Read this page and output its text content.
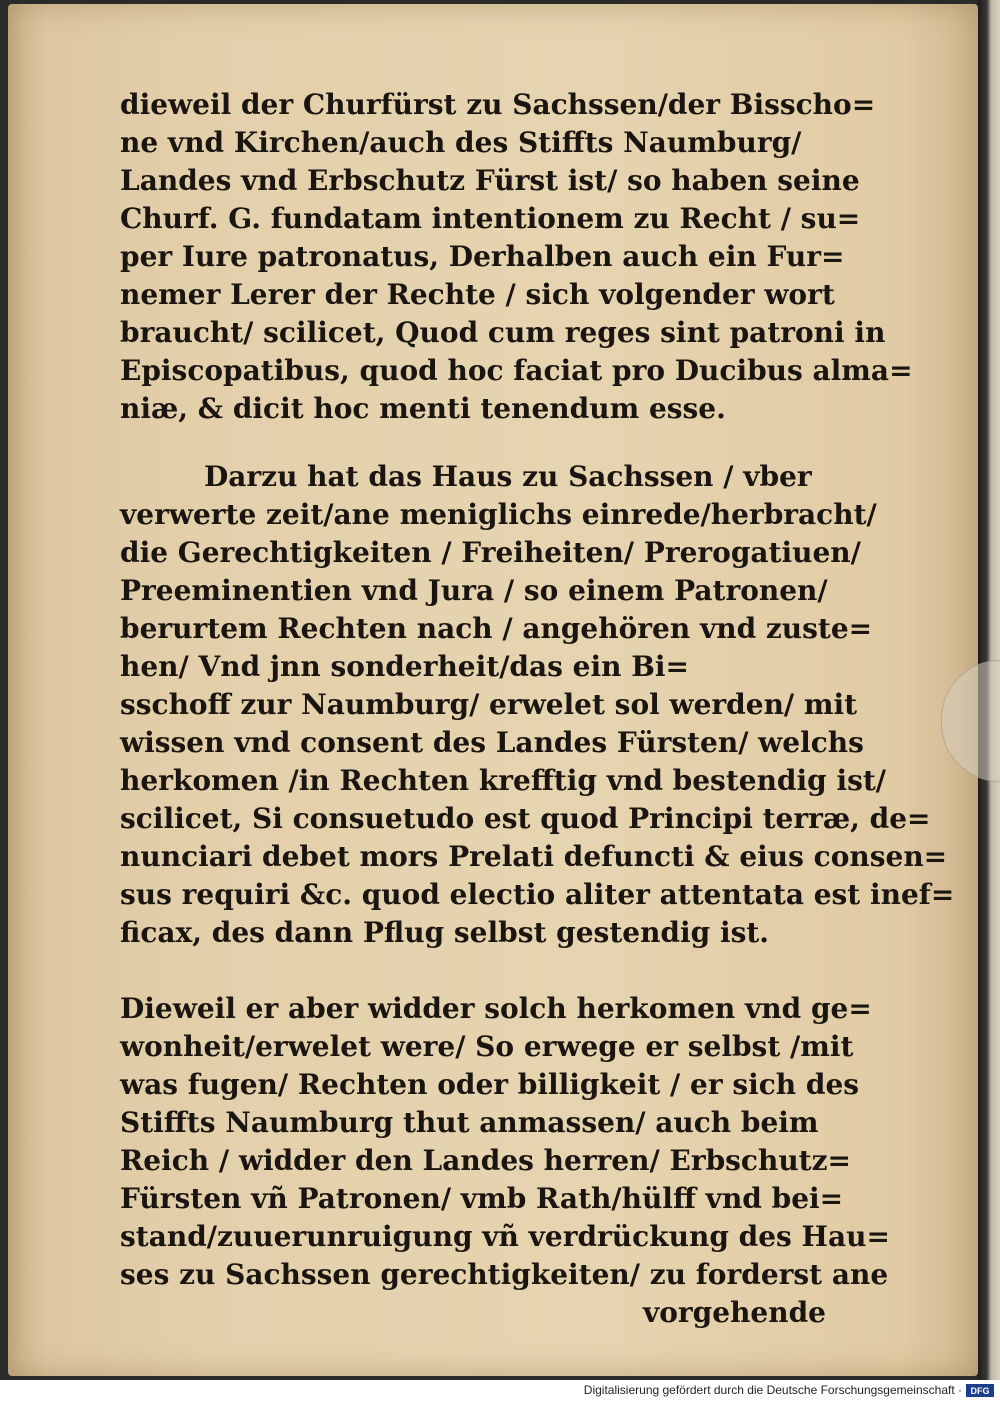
dieweil der Churfürst zu Sachssen/der Bisscho=
ne vnd Kirchen/auch des Stiffts Naumburg/
Landes vnd Erbschutz Fürst ist/ so haben seine
Churf. G. fundatam intentionem zu Recht / su=
per Iure patronatus, Derhalben auch ein Fur=
nemer Lerer der Rechte / sich volgender wort
braucht/ scilicet, Quod cum reges sint patroni in
Episcopatibus, quod hoc faciat pro Ducibus alma=
niæ, & dicit hoc menti tenendum esse.
Darzu hat das Haus zu Sachssen / vber
verwerte zeit/ane meniglichs einrede/herbracht/
die Gerechtigkeiten / Freiheiten/ Prerogatiuen/
Preeminentien vnd Jura / so einem Patronen/
berurtem Rechten nach / angehören vnd zuste=
hen/ Vnd jnn sonderheit/das ein Bi=
sschoff zur Naumburg/ erwelet sol werden/ mit
wissen vnd consent des Landes Fürsten/ welchs
herkomen /in Rechten krefftig vnd bestendig ist/
scilicet, Si consuetudo est quod Principi terræ, de=
nunciari debet mors Prelati defuncti & eius consen=
sus requiri &c. quod electio aliter attentata est inef=
ficax, des dann Pflug selbst gestendig ist.
Dieweil er aber widder solch herkomen vnd ge=
wonheit/erwelet were/ So erwege er selbst /mit
was fugen/ Rechten oder billigkeit / er sich des
Stiffts Naumburg thut anmassen/ auch beim
Reich / widder den Landes herren/ Erbschutz=
Fürsten vñ Patronen/ vmb Rath/hülff vnd bei=
stand/zuuerunruigung vñ verdrückung des Hau=
ses zu Sachssen gerechtigkeiten/ zu forderst ane
vorgehende
Digitalisierung gefördert durch die Deutsche Forschungsgemeinschaft · DFG
